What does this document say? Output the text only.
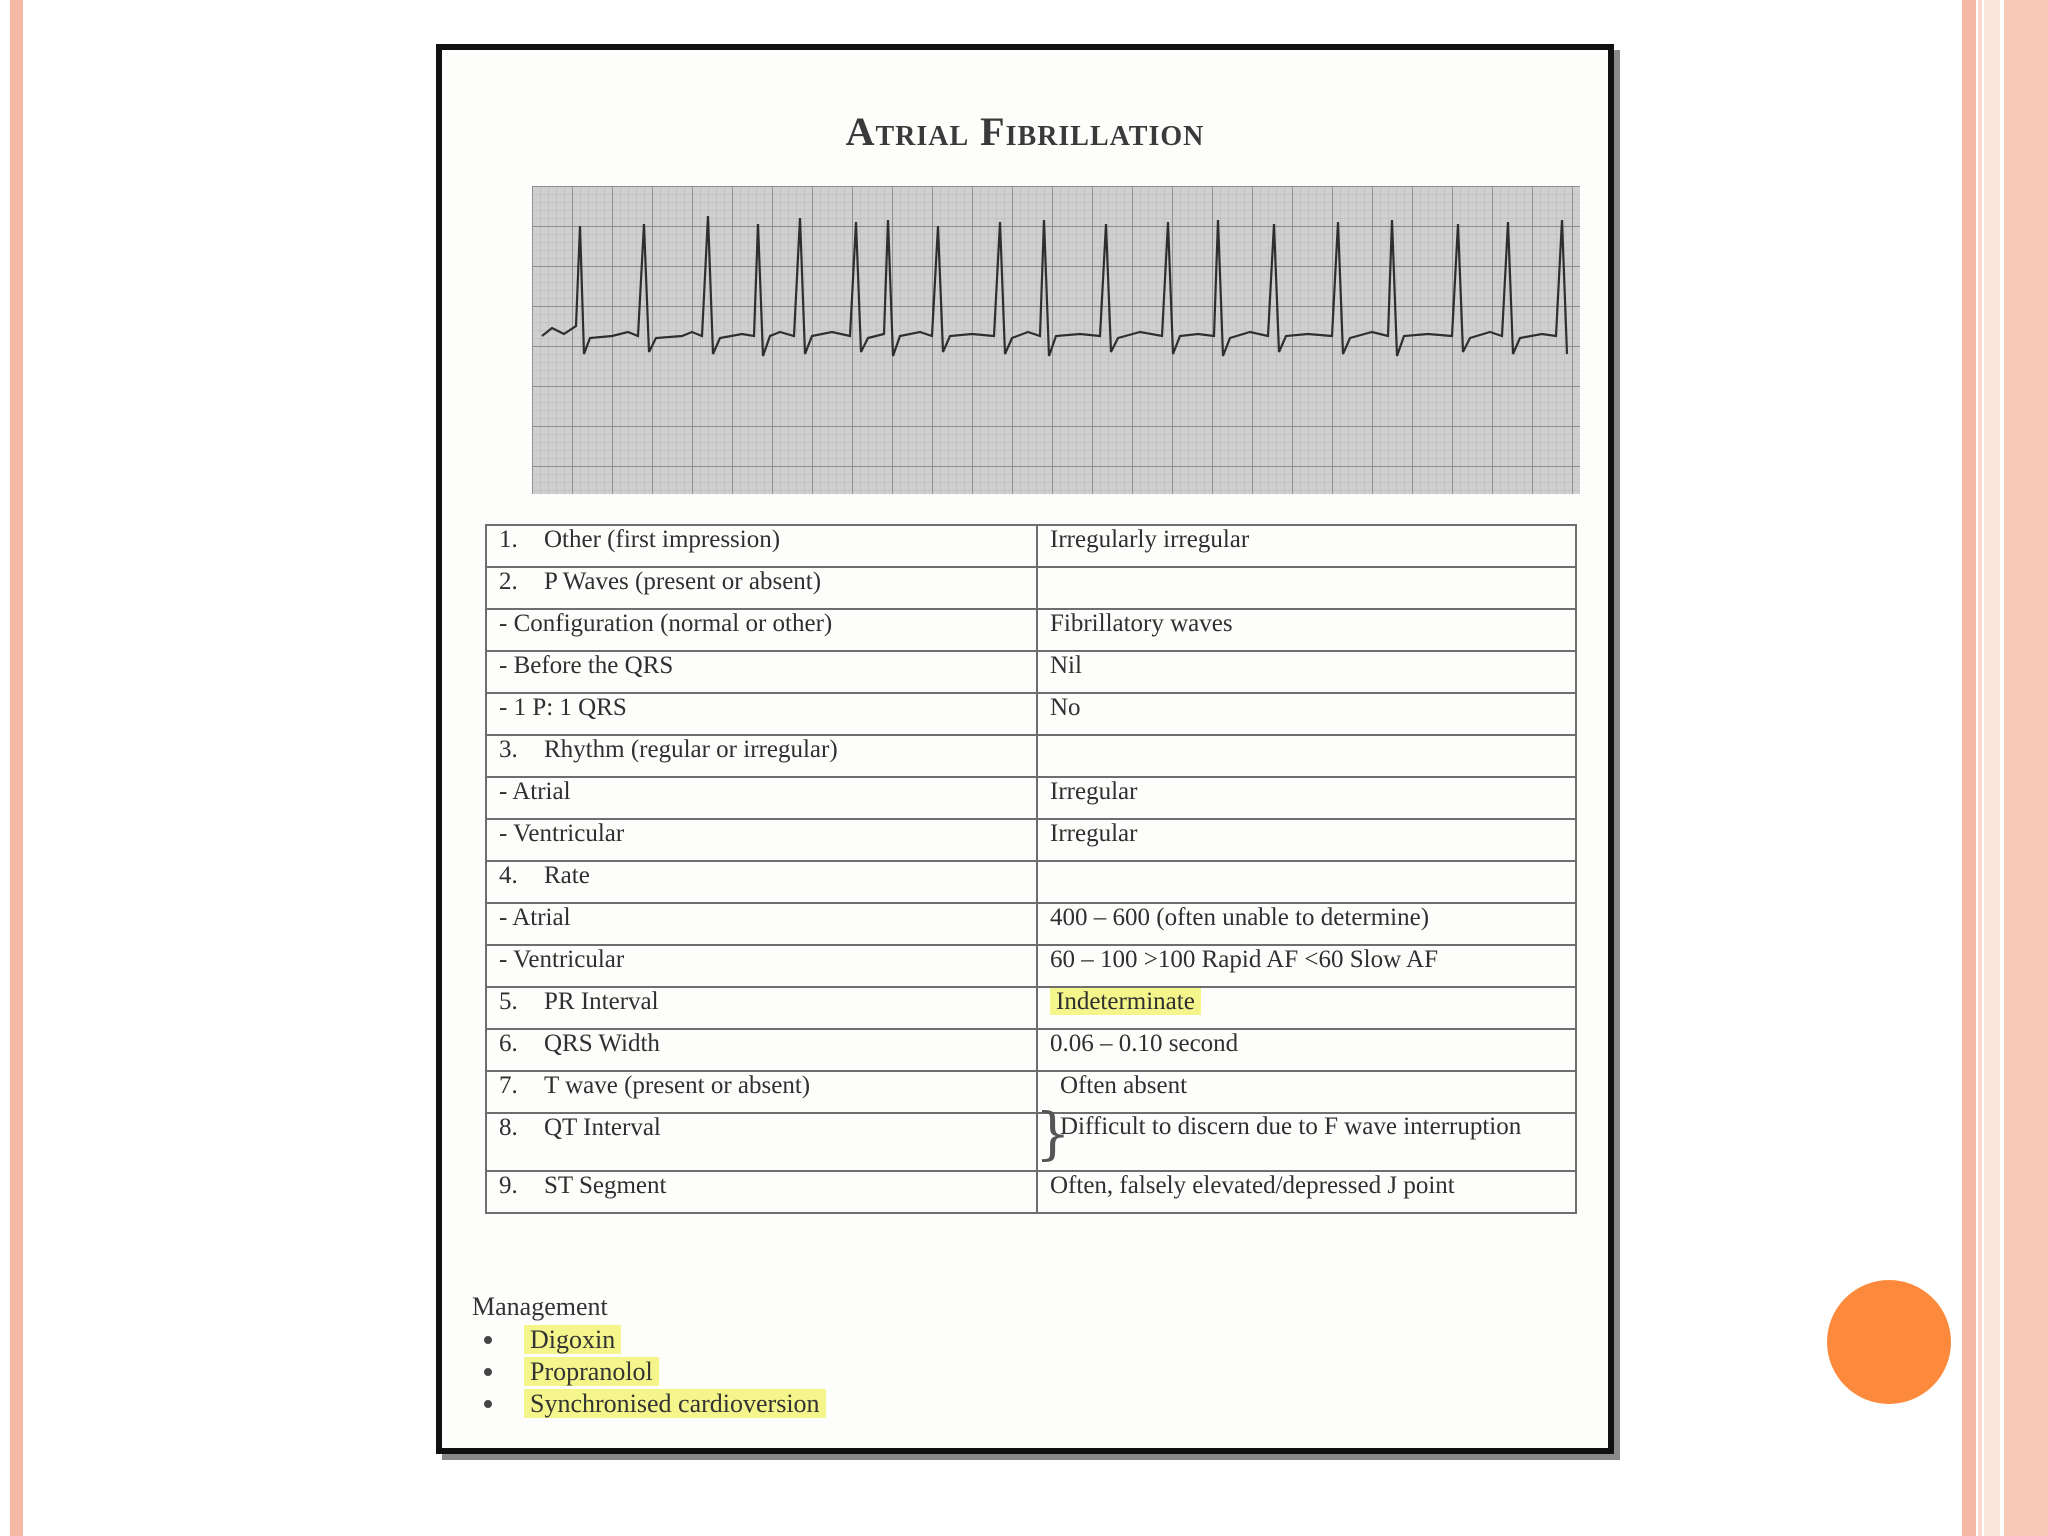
Atrial Fibrillation
1. Other (first impression)	Irregularly irregular
2. P Waves (present or absent)	
- Configuration (normal or other)	Fibrillatory waves
- Before the QRS	Nil
- 1 P: 1 QRS	No
3. Rhythm (regular or irregular)	
- Atrial	Irregular
- Ventricular	Irregular
4. Rate	
- Atrial	400 – 600 (often unable to determine)
- Ventricular	60 – 100 >100 Rapid AF <60 Slow AF
5. PR Interval	Indeterminate
6. QRS Width	0.06 – 0.10 second
7. T wave (present or absent)	Often absent
8. QT Interval	Difficult to discern due to F wave interruption
9. ST Segment	Often, falsely elevated/depressed J point
}
Management
Digoxin
Propranolol
Synchronised cardioversion
